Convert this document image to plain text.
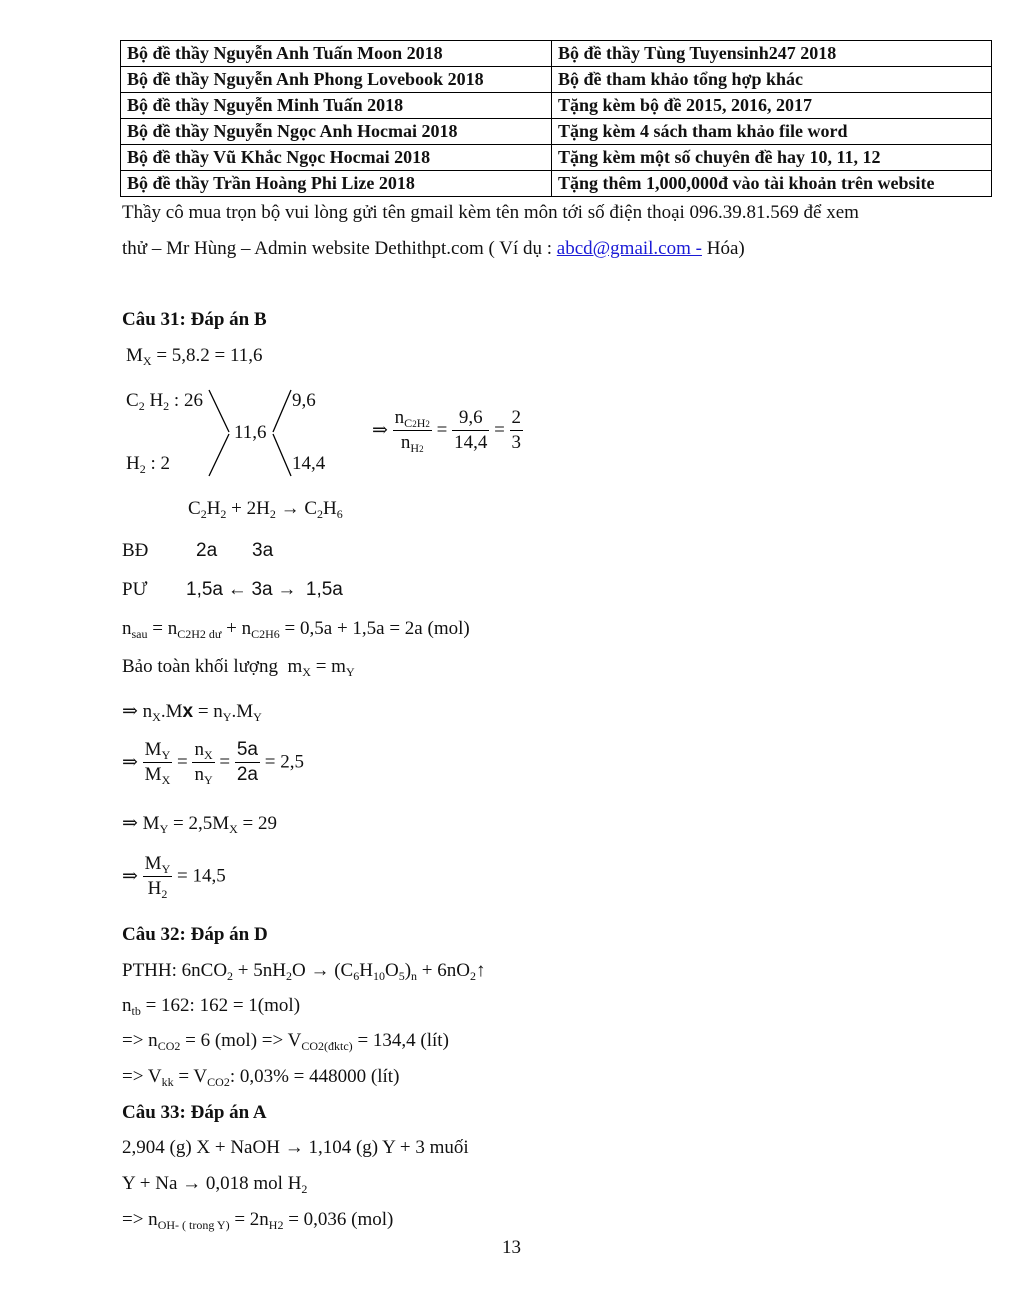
Bộ đề thầy Nguyễn Anh Tuấn Moon 2018	Bộ đề thầy Tùng Tuyensinh247 2018
Bộ đề thầy Nguyễn Anh Phong Lovebook 2018	Bộ đề tham khảo tổng hợp khác
Bộ đề thầy Nguyễn Minh Tuấn 2018	Tặng kèm bộ đề 2015, 2016, 2017
Bộ đề thầy Nguyễn Ngọc Anh Hocmai 2018	Tặng kèm 4 sách tham khảo file word
Bộ đề thầy Vũ Khắc Ngọc Hocmai 2018	Tặng kèm một số chuyên đề hay 10, 11, 12
Bộ đề thầy Trần Hoàng Phi Lize 2018	Tặng thêm 1,000,000đ vào tài khoản trên website
Thầy cô mua trọn bộ vui lòng gửi tên gmail kèm tên môn tới số điện thoại 096.39.81.569 để xem
thử – Mr Hùng – Admin website Dethithpt.com ( Ví dụ : abcd@gmail.com - Hóa)
Câu 31: Đáp án B
$M_X = 5,8.2 = 11,6$
$C_2$ $H_2$ : 26
$H_2$ : 2
11,6
9,6
14,4
⇒ $\frac{n_{C2H2}}{n_{H2}} = \frac{9,6}{14,4} = \frac{2}{3}$
$C_2H_2 + 2H_2 \to C_2H_6$
BĐ	2a 3a
PƯ 1,5a ← 3a →  1,5a
$n_{sau} = n_{C2H2 dư} + n_{C2H6} = 0,5a + 1,5a = 2a$ (mol)
Bảo toàn khối lượng  $m_X = m_Y$
⇒ $n_X.Mx = n_Y.M_Y$
⇒ $\frac{M_Y}{M_X} = \frac{n_X}{n_Y} = \frac{5a}{2a} = 2,5$
⇒ $M_Y = 2,5M_X = 29$
⇒ $\frac{M_Y}{H_2} = 14,5$
Câu 32: Đáp án D
PTHH: $6nCO_2 + 5nH_2O \to (C_6H_{10}O_5)_n$ + $6nO_2↑$
$n_{tb} = 162$: 162 = 1(mol)
=> $n_{CO2} = 6$ $(mol) => V_{CO2(đktc)} = 134,4$ (lít)
=> $V_{kk} = V_{CO2}$: 0,03% = 448000 (lít)
Câu 33: Đáp án A
2,904 (g) X + NaOH → 1,104 (g) Y + 3 muối
Y + Na → 0,018 mol $H_2$
=> $n_{OH- ( trong Y)} = 2n_{H2} = 0,036$ (mol)
13
